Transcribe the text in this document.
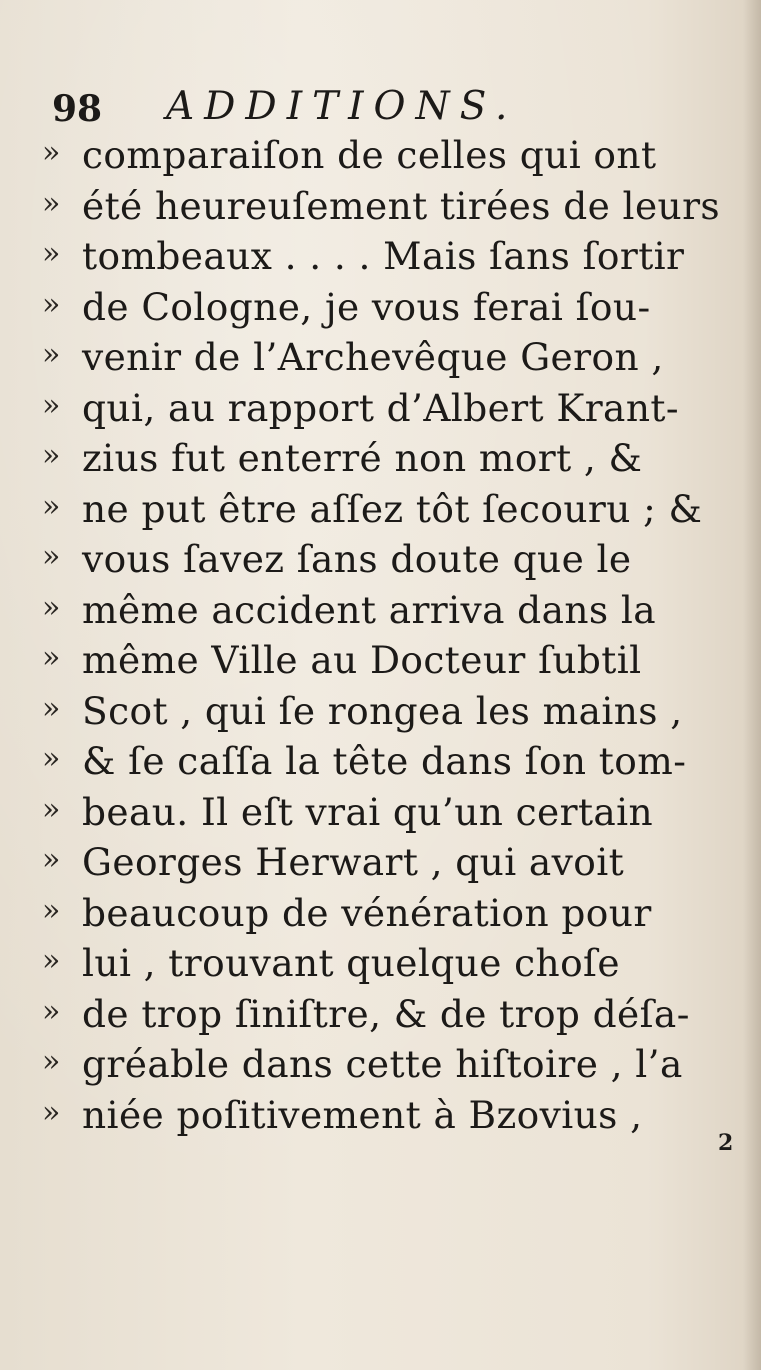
98 ADDITIONS.
» comparaiſon de celles qui ont
» été heureuſement tirées de leurs
» tombeaux . . . . Mais ſans ſortir
» de Cologne, je vous ferai ſou-
» venir de l’Archevêque Geron ,
» qui, au rapport d’Albert Krant-
» zius fut enterré non mort , &
» ne put être aſſez tôt ſecouru ; &
» vous ſavez ſans doute que le
» même accident arriva dans la
» même Ville au Docteur ſubtil
» Scot , qui ſe rongea les mains ,
» & ſe caſſa la tête dans ſon tom-
» beau. Il eſt vrai qu’un certain
» Georges Herwart , qui avoit
» beaucoup de vénération pour
» lui , trouvant quelque choſe
» de trop ſiniſtre, & de trop déſa-
» gréable dans cette hiſtoire , l’a
» niée poſitivement à Bzovius ,
2
